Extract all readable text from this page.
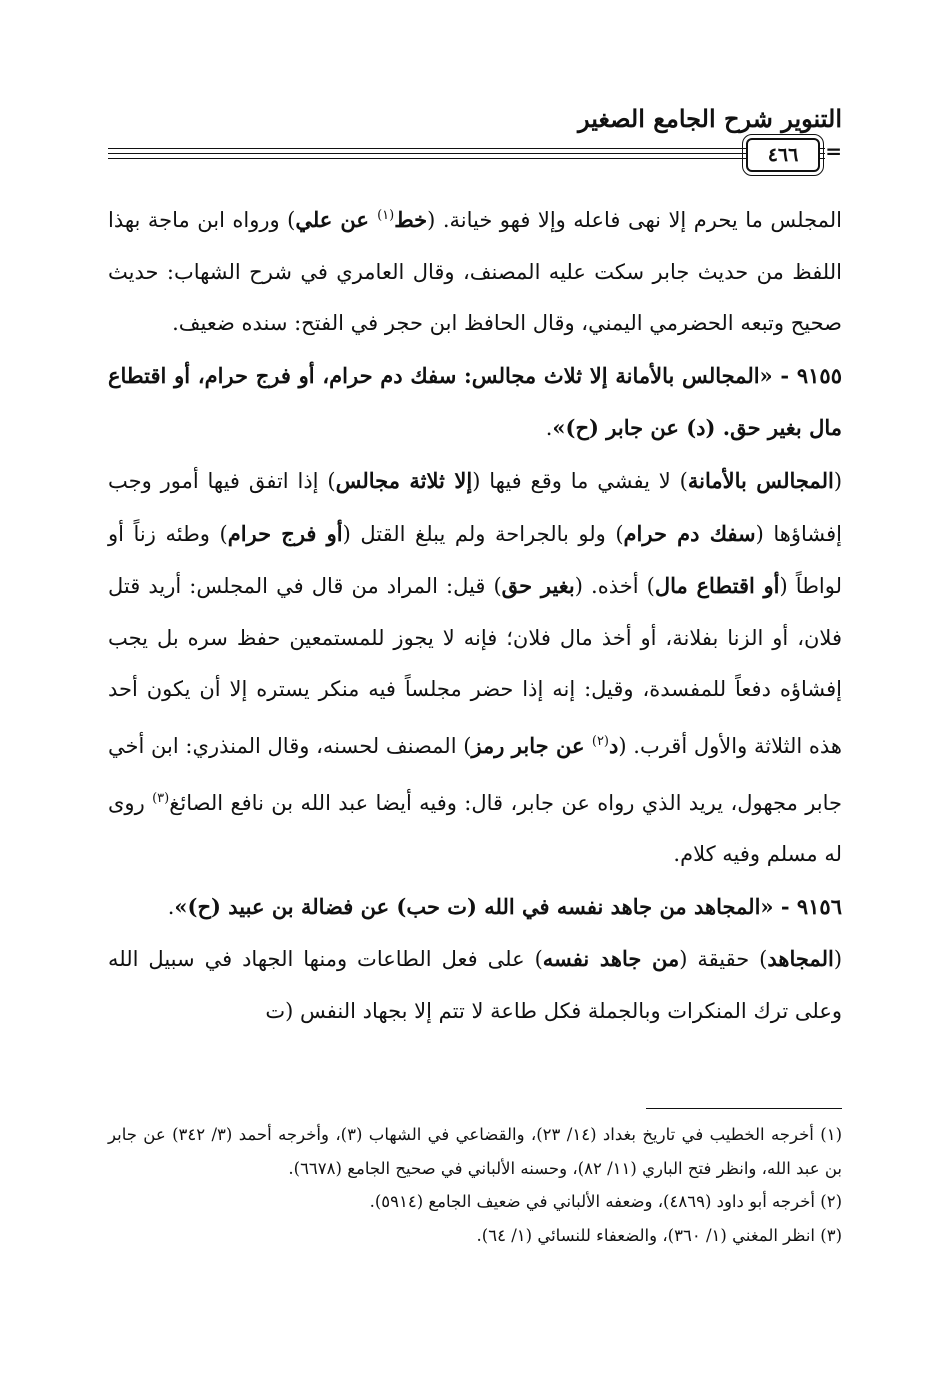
التنوير شرح الجامع الصغير
٤٦٦	=

المجلس ما يحرم إلا نهى فاعله وإلا فهو خيانة. (خط$^{(١)}$ عن علي) ورواه ابن ماجة بهذا اللفظ من حديث جابر سكت عليه المصنف، وقال العامري في شرح الشهاب: حديث صحيح وتبعه الحضرمي اليمني، وقال الحافظ ابن حجر في الفتح: سنده ضعيف.

٩١٥٥ - «المجالس بالأمانة إلا ثلاث مجالس: سفك دم حرام، أو فرج حرام، أو اقتطاع مال بغير حق. (د) عن جابر (ح)».

(المجالس بالأمانة) لا يفشي ما وقع فيها (إلا ثلاثة مجالس) إذا اتفق فيها أمور وجب إفشاؤها (سفك دم حرام) ولو بالجراحة ولم يبلغ القتل (أو فرج حرام) وطئه زناً أو لواطاً (أو اقتطاع مال) أخذه. (بغير حق) قيل: المراد من قال في المجلس: أريد قتل فلان، أو الزنا بفلانة، أو أخذ مال فلان؛ فإنه لا يجوز للمستمعين حفظ سره بل يجب إفشاؤه دفعاً للمفسدة، وقيل: إنه إذا حضر مجلساً فيه منكر يستره إلا أن يكون أحد هذه الثلاثة والأول أقرب. (د$^{(٢)}$ عن جابر رمز) المصنف لحسنه، وقال المنذري: ابن أخي جابر مجهول، يريد الذي رواه عن جابر، قال: وفيه أيضا عبد الله بن نافع الصائغ$^{(٣)}$ روى له مسلم وفيه كلام.

٩١٥٦ - «المجاهد من جاهد نفسه في الله (ت حب) عن فضالة بن عبيد (ح)».

(المجاهد) حقيقة (من جاهد نفسه) على فعل الطاعات ومنها الجهاد في سبيل الله وعلى ترك المنكرات وبالجملة فكل طاعة لا تتم إلا بجهاد النفس (ت

(١) أخرجه الخطيب في تاريخ بغداد (١٤/ ٢٣)، والقضاعي في الشهاب (٣)، وأخرجه أحمد (٣/ ٣٤٢) عن جابر بن عبد الله، وانظر فتح الباري (١١/ ٨٢)، وحسنه الألباني في صحيح الجامع (٦٦٧٨).

(٢) أخرجه أبو داود (٤٨٦٩)، وضعفه الألباني في ضعيف الجامع (٥٩١٤).

(٣) انظر المغني (١/ ٣٦٠)، والضعفاء للنسائي (١/ ٦٤).
